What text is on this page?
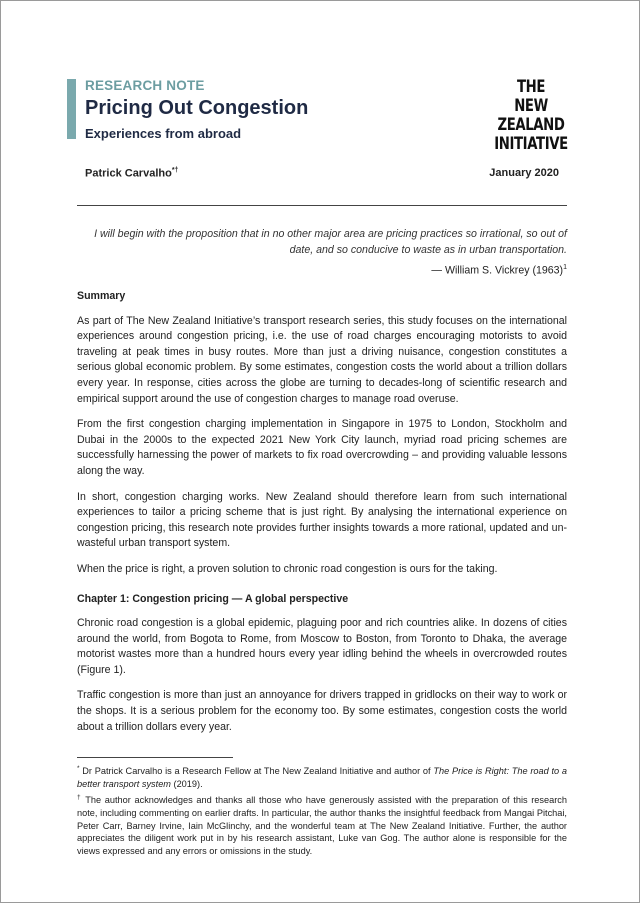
RESEARCH NOTE
Pricing Out Congestion
Experiences from abroad
THE
NEW ZEALAND
INITIATIVE
Patrick Carvalho*†	January 2020
I will begin with the proposition that in no other major area are pricing practices so irrational, so out of date, and so conducive to waste as in urban transportation.
— William S. Vickrey $(1963)^1$
Summary

As part of The New Zealand Initiative’s transport research series, this study focuses on the international experiences around congestion pricing, i.e. the use of road charges encouraging motorists to avoid traveling at peak times in busy routes. More than just a driving nuisance, congestion constitutes a serious global economic problem. By some estimates, congestion costs the world about a trillion dollars every year. In response, cities across the globe are turning to decades-long of scientific research and empirical support around the use of congestion charges to manage road overuse.

From the first congestion charging implementation in Singapore in 1975 to London, Stockholm and Dubai in the 2000s to the expected 2021 New York City launch, myriad road pricing schemes are successfully harnessing the power of markets to fix road overcrowding – and providing valuable lessons along the way.

In short, congestion charging works. New Zealand should therefore learn from such international experiences to tailor a pricing scheme that is just right. By analysing the international experience on congestion pricing, this research note provides further insights towards a more rational, updated and un-wasteful urban transport system.

When the price is right, a proven solution to chronic road congestion is ours for the taking.

Chapter 1: Congestion pricing — A global perspective

Chronic road congestion is a global epidemic, plaguing poor and rich countries alike. In dozens of cities around the world, from Bogota to Rome, from Moscow to Boston, from Toronto to Dhaka, the average motorist wastes more than a hundred hours every year idling behind the wheels in overcrowded routes (Figure 1).

Traffic congestion is more than just an annoyance for drivers trapped in gridlocks on their way to work or the shops. It is a serious problem for the economy too. By some estimates, congestion costs the world about a trillion dollars every year.

* Dr Patrick Carvalho is a Research Fellow at The New Zealand Initiative and author of The Price is Right: The road to a better transport system (2019).

† The author acknowledges and thanks all those who have generously assisted with the preparation of this research note, including commenting on earlier drafts. In particular, the author thanks the insightful feedback from Mangai Pitchai, Peter Carr, Barney Irvine, Iain McGlinchy, and the wonderful team at The New Zealand Initiative. Further, the author appreciates the diligent work put in by his research assistant, Luke van Gog. The author alone is responsible for the views expressed and any errors or omissions in the study.
